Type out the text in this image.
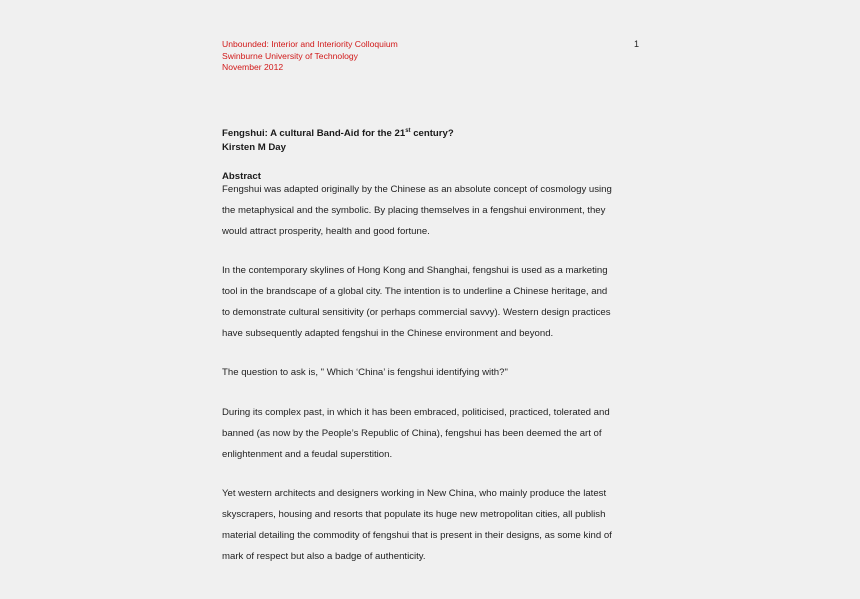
Unbounded: Interior and Interiority Colloquium
Swinburne University of Technology
November 2012
1
Fengshui: A cultural Band-Aid for the 21st century?
Kirsten M Day
Abstract
Fengshui was adapted originally by the Chinese as an absolute concept of cosmology using
the metaphysical and the symbolic. By placing themselves in a fengshui environment, they
would attract prosperity, health and good fortune.
In the contemporary skylines of Hong Kong and Shanghai, fengshui is used as a marketing
tool in the brandscape of a global city. The intention is to underline a Chinese heritage, and
to demonstrate cultural sensitivity (or perhaps commercial savvy). Western design practices
have subsequently adapted fengshui in the Chinese environment and beyond.
The question to ask is, " Which ‘China’ is fengshui identifying with?"
During its complex past, in which it has been embraced, politicised, practiced, tolerated and
banned (as now by the People’s Republic of China), fengshui has been deemed the art of
enlightenment and a feudal superstition.
Yet western architects and designers working in New China, who mainly produce the latest
skyscrapers, housing and resorts that populate its huge new metropolitan cities, all publish
material detailing the commodity of fengshui that is present in their designs, as some kind of
mark of respect but also a badge of authenticity.
